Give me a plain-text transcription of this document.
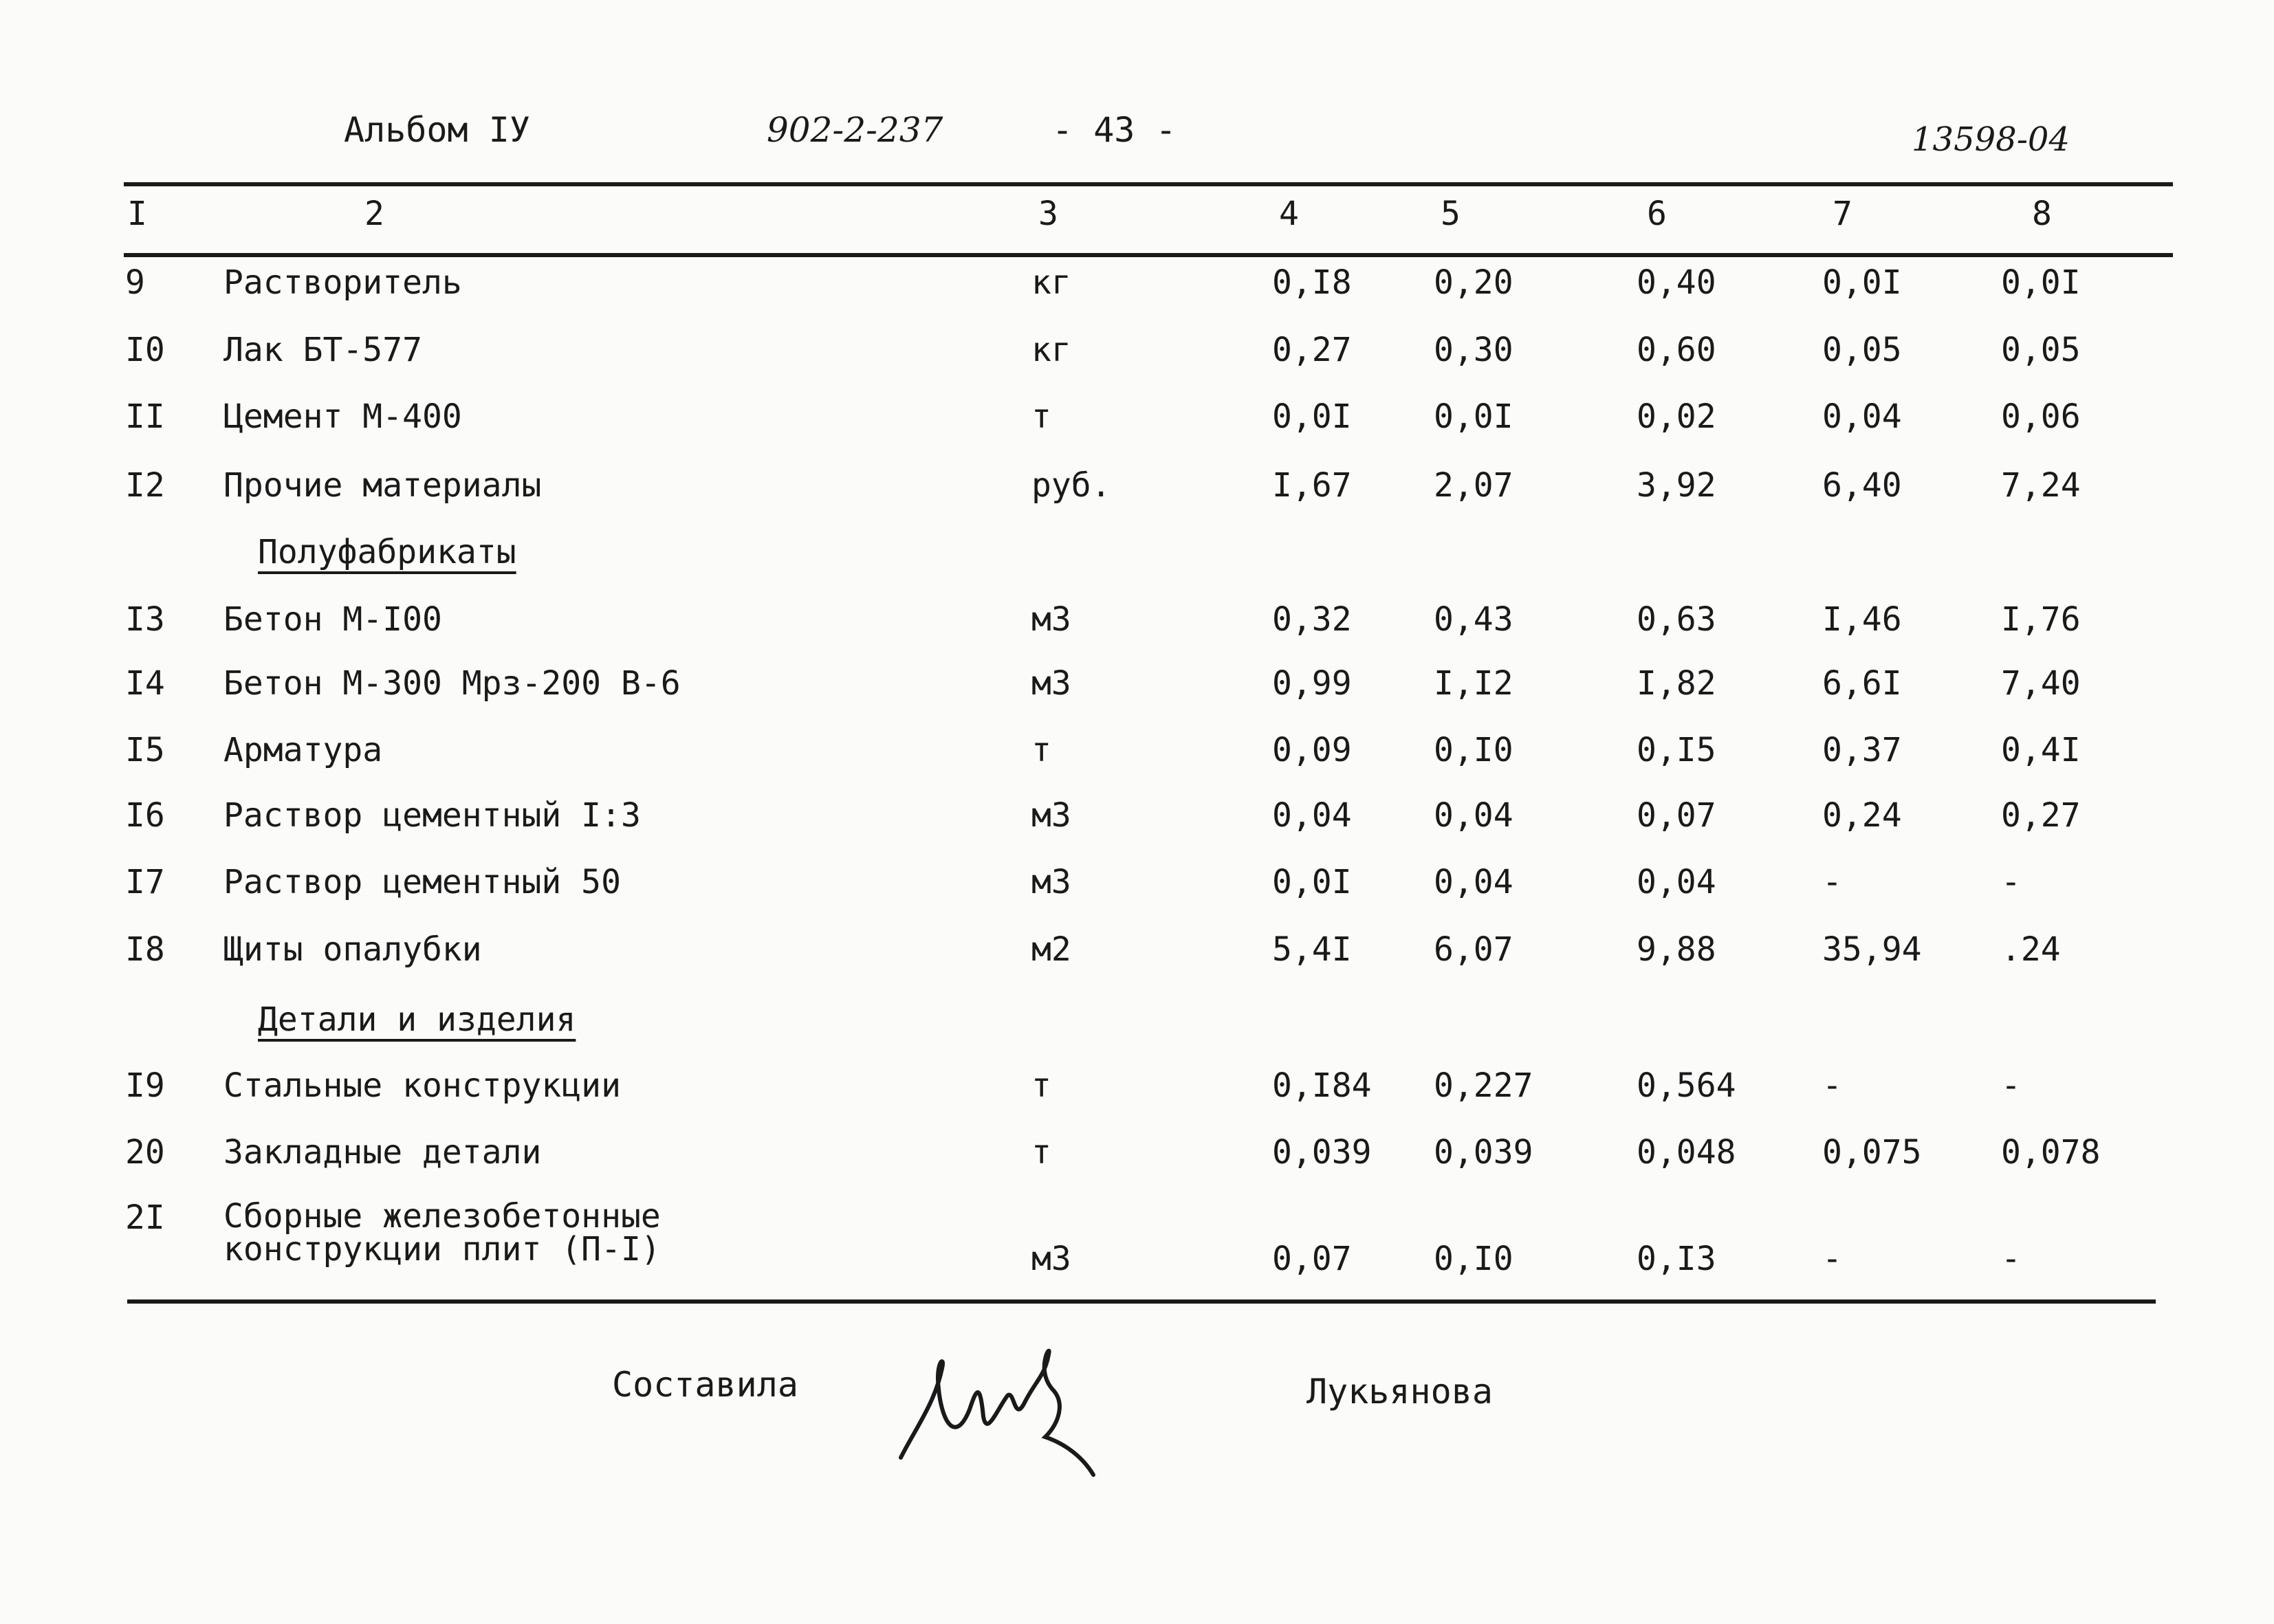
Альбом IУ	902-2-237	- 43 -	13598-04
I	2	3	4	5	6	7	8
9 Растворитель	кг	0,I8 0,20	0,40	0,0I	0,0I
I0 Лак БТ-577	кг	0,27 0,30	0,60	0,05	0,05
II Цемент М-400	т	0,0I 0,0I	0,02	0,04	0,06
I2 Прочие материалы	руб.	I,67 2,07	3,92	6,40	7,24
I3 Бетон М-I00	м3	0,32 0,43	0,63	I,46	I,76
I4 Бетон М-300 Мрз-200 В-6	м3	0,99 I,I2	I,82	6,6I	7,40
I5 Арматура	т	0,09 0,I0	0,I5	0,37	0,4I
I6 Раствор цементный I:3	м3	0,04 0,04	0,07	0,24	0,27
I7 Раствор цементный 50	м3	0,0I 0,04	0,04	-	-
I8 Щиты опалубки	м2	5,4I 6,07	9,88	35,94 .24
I9 Стальные конструкции	т	0,I84 0,227	0,564	-	-
20 Закладные детали	т	0,039 0,039	0,048	0,075 0,078
2I Сборные железобетонные конструкции плит (П-I)	м3	0,07 0,I0	0,I3	-	-
Полуфабрикаты
Детали и изделия
Составила	Лукьянова
